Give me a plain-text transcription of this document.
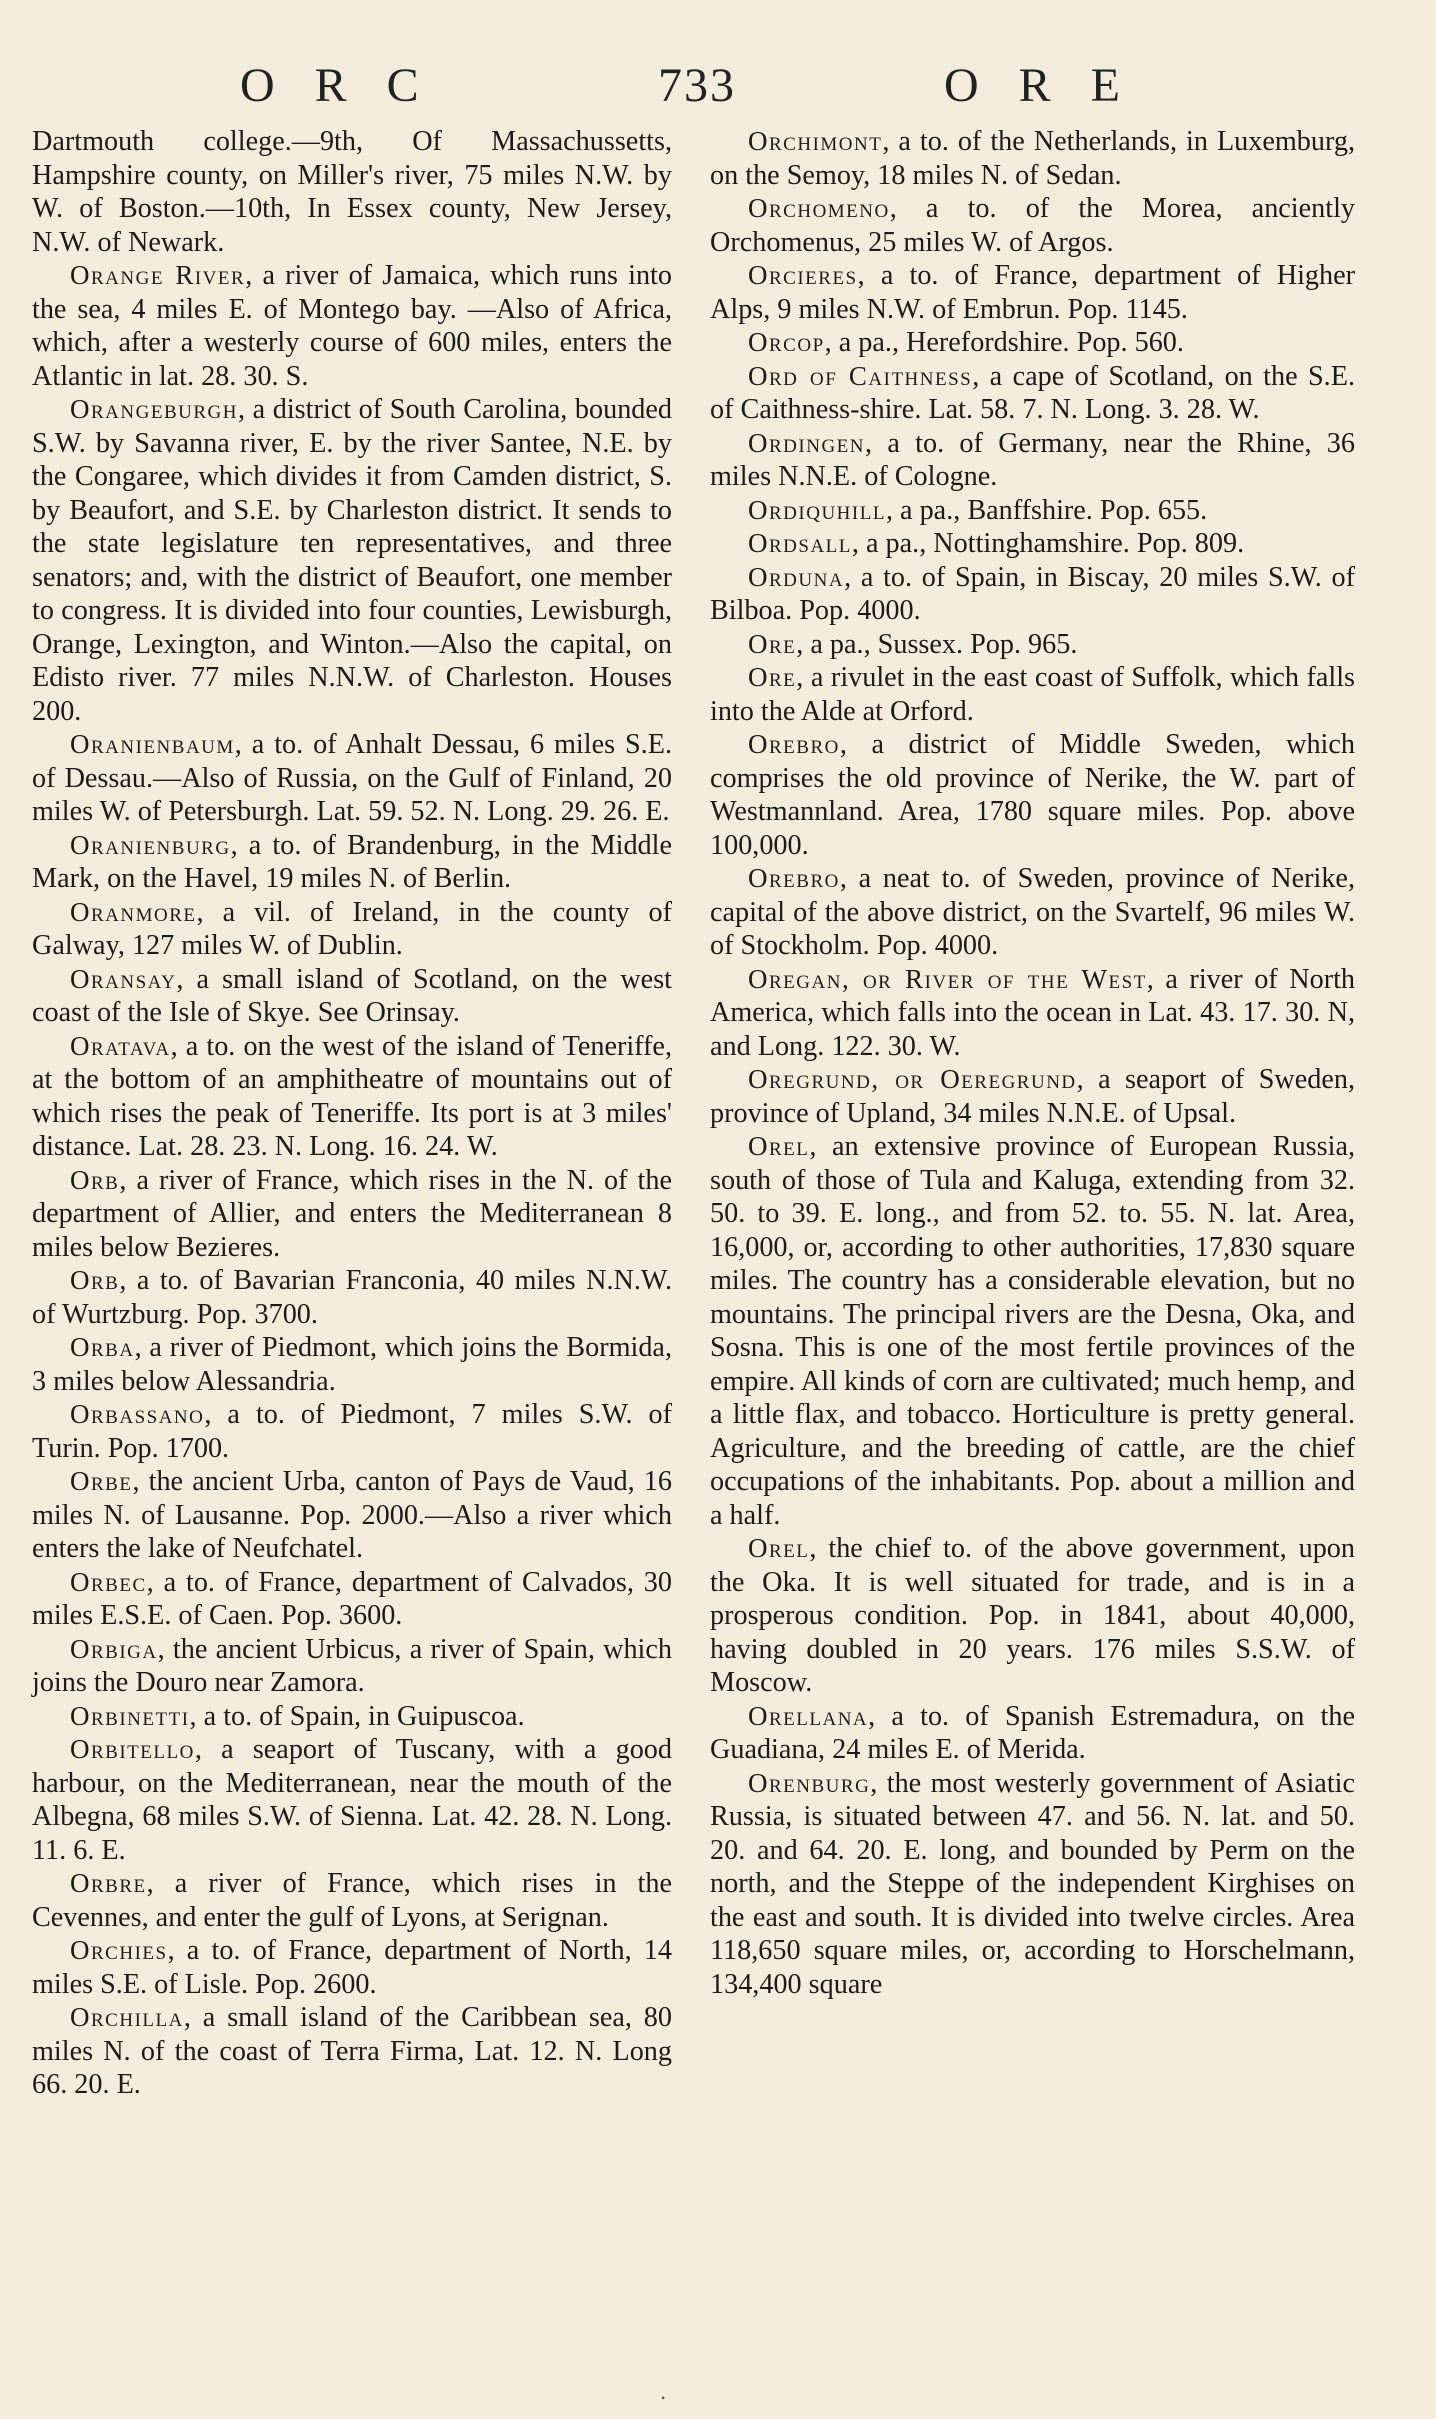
ORC	733	ORE

Dartmouth college.—9th, Of Massachussetts, Hampshire county, on Miller's river, 75 miles N.W. by W. of Boston.—10th, In Essex county, New Jersey, N.W. of Newark.

Orange River, a river of Jamaica, which runs into the sea, 4 miles E. of Montego bay. —Also of Africa, which, after a westerly course of 600 miles, enters the Atlantic in lat. 28. 30. S.

Orangeburgh, a district of South Carolina, bounded S.W. by Savanna river, E. by the river Santee, N.E. by the Congaree, which divides it from Camden district, S. by Beaufort, and S.E. by Charleston district. It sends to the state legislature ten representatives, and three senators; and, with the district of Beaufort, one member to congress. It is divided into four counties, Lewisburgh, Orange, Lexington, and Winton.—Also the capital, on Edisto river. 77 miles N.N.W. of Charleston. Houses 200.

Oranienbaum, a to. of Anhalt Dessau, 6 miles S.E. of Dessau.—Also of Russia, on the Gulf of Finland, 20 miles W. of Petersburgh. Lat. 59. 52. N. Long. 29. 26. E.

Oranienburg, a to. of Brandenburg, in the Middle Mark, on the Havel, 19 miles N. of Berlin.

Oranmore, a vil. of Ireland, in the county of Galway, 127 miles W. of Dublin.

Oransay, a small island of Scotland, on the west coast of the Isle of Skye. See Orinsay.

Oratava, a to. on the west of the island of Teneriffe, at the bottom of an amphitheatre of mountains out of which rises the peak of Teneriffe. Its port is at 3 miles' distance. Lat. 28. 23. N. Long. 16. 24. W.

Orb, a river of France, which rises in the N. of the department of Allier, and enters the Mediterranean 8 miles below Bezieres.

Orb, a to. of Bavarian Franconia, 40 miles N.N.W. of Wurtzburg. Pop. 3700.

Orba, a river of Piedmont, which joins the Bormida, 3 miles below Alessandria.

Orbassano, a to. of Piedmont, 7 miles S.W. of Turin. Pop. 1700.

Orbe, the ancient Urba, canton of Pays de Vaud, 16 miles N. of Lausanne. Pop. 2000.—Also a river which enters the lake of Neufchatel.

Orbec, a to. of France, department of Calvados, 30 miles E.S.E. of Caen. Pop. 3600.

Orbiga, the ancient Urbicus, a river of Spain, which joins the Douro near Zamora.

Orbinetti, a to. of Spain, in Guipuscoa.

Orbitello, a seaport of Tuscany, with a good harbour, on the Mediterranean, near the mouth of the Albegna, 68 miles S.W. of Sienna. Lat. 42. 28. N. Long. 11. 6. E.

Orbre, a river of France, which rises in the Cevennes, and enter the gulf of Lyons, at Serignan.

Orchies, a to. of France, department of North, 14 miles S.E. of Lisle. Pop. 2600.

Orchilla, a small island of the Caribbean sea, 80 miles N. of the coast of Terra Firma, Lat. 12. N. Long 66. 20. E.

Orchimont, a to. of the Netherlands, in Luxemburg, on the Semoy, 18 miles N. of Sedan.

Orchomeno, a to. of the Morea, anciently Orchomenus, 25 miles W. of Argos.

Orcieres, a to. of France, department of Higher Alps, 9 miles N.W. of Embrun. Pop. 1145.

Orcop, a pa., Herefordshire. Pop. 560.

Ord of Caithness, a cape of Scotland, on the S.E. of Caithness-shire. Lat. 58. 7. N. Long. 3. 28. W.

Ordingen, a to. of Germany, near the Rhine, 36 miles N.N.E. of Cologne.

Ordiquhill, a pa., Banffshire. Pop. 655.

Ordsall, a pa., Nottinghamshire. Pop. 809.

Orduna, a to. of Spain, in Biscay, 20 miles S.W. of Bilboa. Pop. 4000.

Ore, a pa., Sussex. Pop. 965.

Ore, a rivulet in the east coast of Suffolk, which falls into the Alde at Orford.

Orebro, a district of Middle Sweden, which comprises the old province of Nerike, the W. part of Westmannland. Area, 1780 square miles. Pop. above 100,000.

Orebro, a neat to. of Sweden, province of Nerike, capital of the above district, on the Svartelf, 96 miles W. of Stockholm. Pop. 4000.

Oregan, or River of the West, a river of North America, which falls into the ocean in Lat. 43. 17. 30. N, and Long. 122. 30. W.

Oregrund, or Oeregrund, a seaport of Sweden, province of Upland, 34 miles N.N.E. of Upsal.

Orel, an extensive province of European Russia, south of those of Tula and Kaluga, extending from 32. 50. to 39. E. long., and from 52. to. 55. N. lat. Area, 16,000, or, according to other authorities, 17,830 square miles. The country has a considerable elevation, but no mountains. The principal rivers are the Desna, Oka, and Sosna. This is one of the most fertile provinces of the empire. All kinds of corn are cultivated; much hemp, and a little flax, and tobacco. Horticulture is pretty general. Agriculture, and the breeding of cattle, are the chief occupations of the inhabitants. Pop. about a million and a half.

Orel, the chief to. of the above government, upon the Oka. It is well situated for trade, and is in a prosperous condition. Pop. in 1841, about 40,000, having doubled in 20 years. 176 miles S.S.W. of Moscow.

Orellana, a to. of Spanish Estremadura, on the Guadiana, 24 miles E. of Merida.

Orenburg, the most westerly government of Asiatic Russia, is situated between 47. and 56. N. lat. and 50. 20. and 64. 20. E. long, and bounded by Perm on the north, and the Steppe of the independent Kirghises on the east and south. It is divided into twelve circles. Area 118,650 square miles, or, according to Horschelmann, 134,400 square

.
